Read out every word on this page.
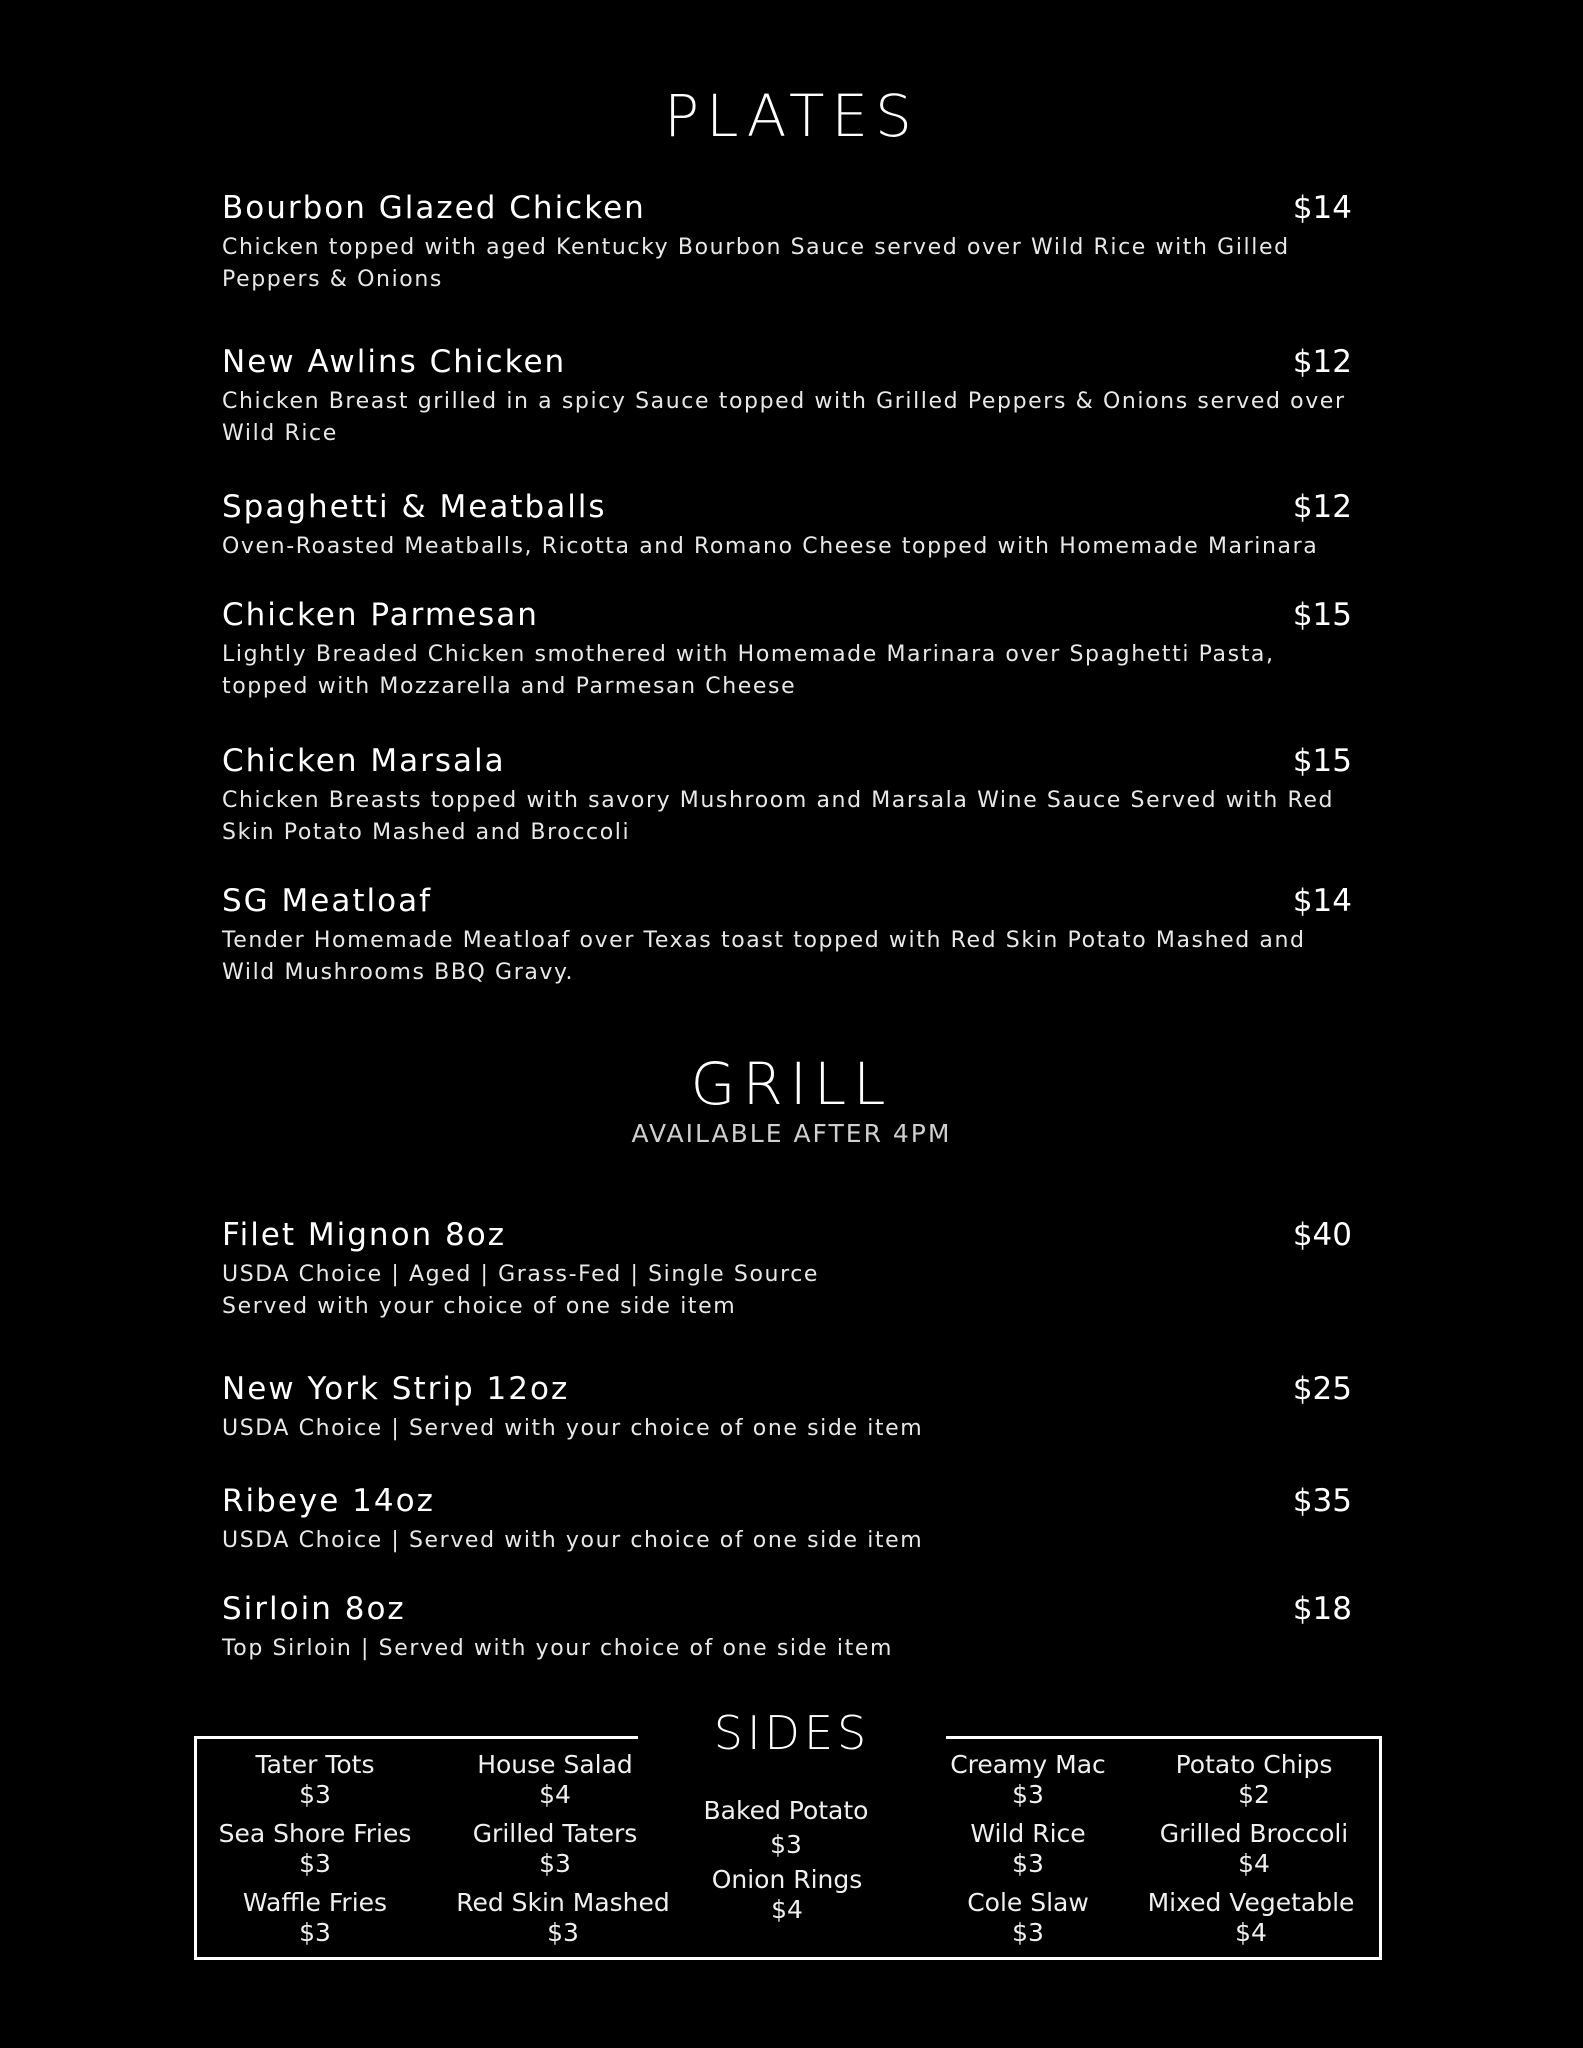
PLATES
Bourbon Glazed Chicken	$14
Chicken topped with aged Kentucky Bourbon Sauce served over Wild Rice with Gilled Peppers & Onions
New Awlins Chicken	$12
Chicken Breast grilled in a spicy Sauce topped with Grilled Peppers & Onions served over Wild Rice
Spaghetti & Meatballs	$12
Oven-Roasted Meatballs, Ricotta and Romano Cheese topped with Homemade Marinara
Chicken Parmesan	$15
Lightly Breaded Chicken smothered with Homemade Marinara over Spaghetti Pasta, topped with Mozzarella and Parmesan Cheese
Chicken Marsala	$15
Chicken Breasts topped with savory Mushroom and Marsala Wine Sauce Served with Red Skin Potato Mashed and Broccoli
SG Meatloaf	$14
Tender Homemade Meatloaf over Texas toast topped with Red Skin Potato Mashed and Wild Mushrooms BBQ Gravy.
GRILL
AVAILABLE AFTER 4PM
Filet Mignon 8oz	$40
USDA Choice | Aged | Grass-Fed | Single Source
Served with your choice of one side item
New York Strip 12oz	$25
USDA Choice | Served with your choice of one side item
Ribeye 14oz	$35
USDA Choice | Served with your choice of one side item
Sirloin 8oz	$18
Top Sirloin | Served with your choice of one side item
SIDES
Tater Tots
$3
Sea Shore Fries
$3
Waffle Fries
$3
House Salad
$4
Grilled Taters
$3
Red Skin Mashed
$3
Baked Potato
$3
Onion Rings
$4
Creamy Mac
$3
Wild Rice
$3
Cole Slaw
$3
Potato Chips
$2
Grilled Broccoli
$4
Mixed Vegetable
$4
